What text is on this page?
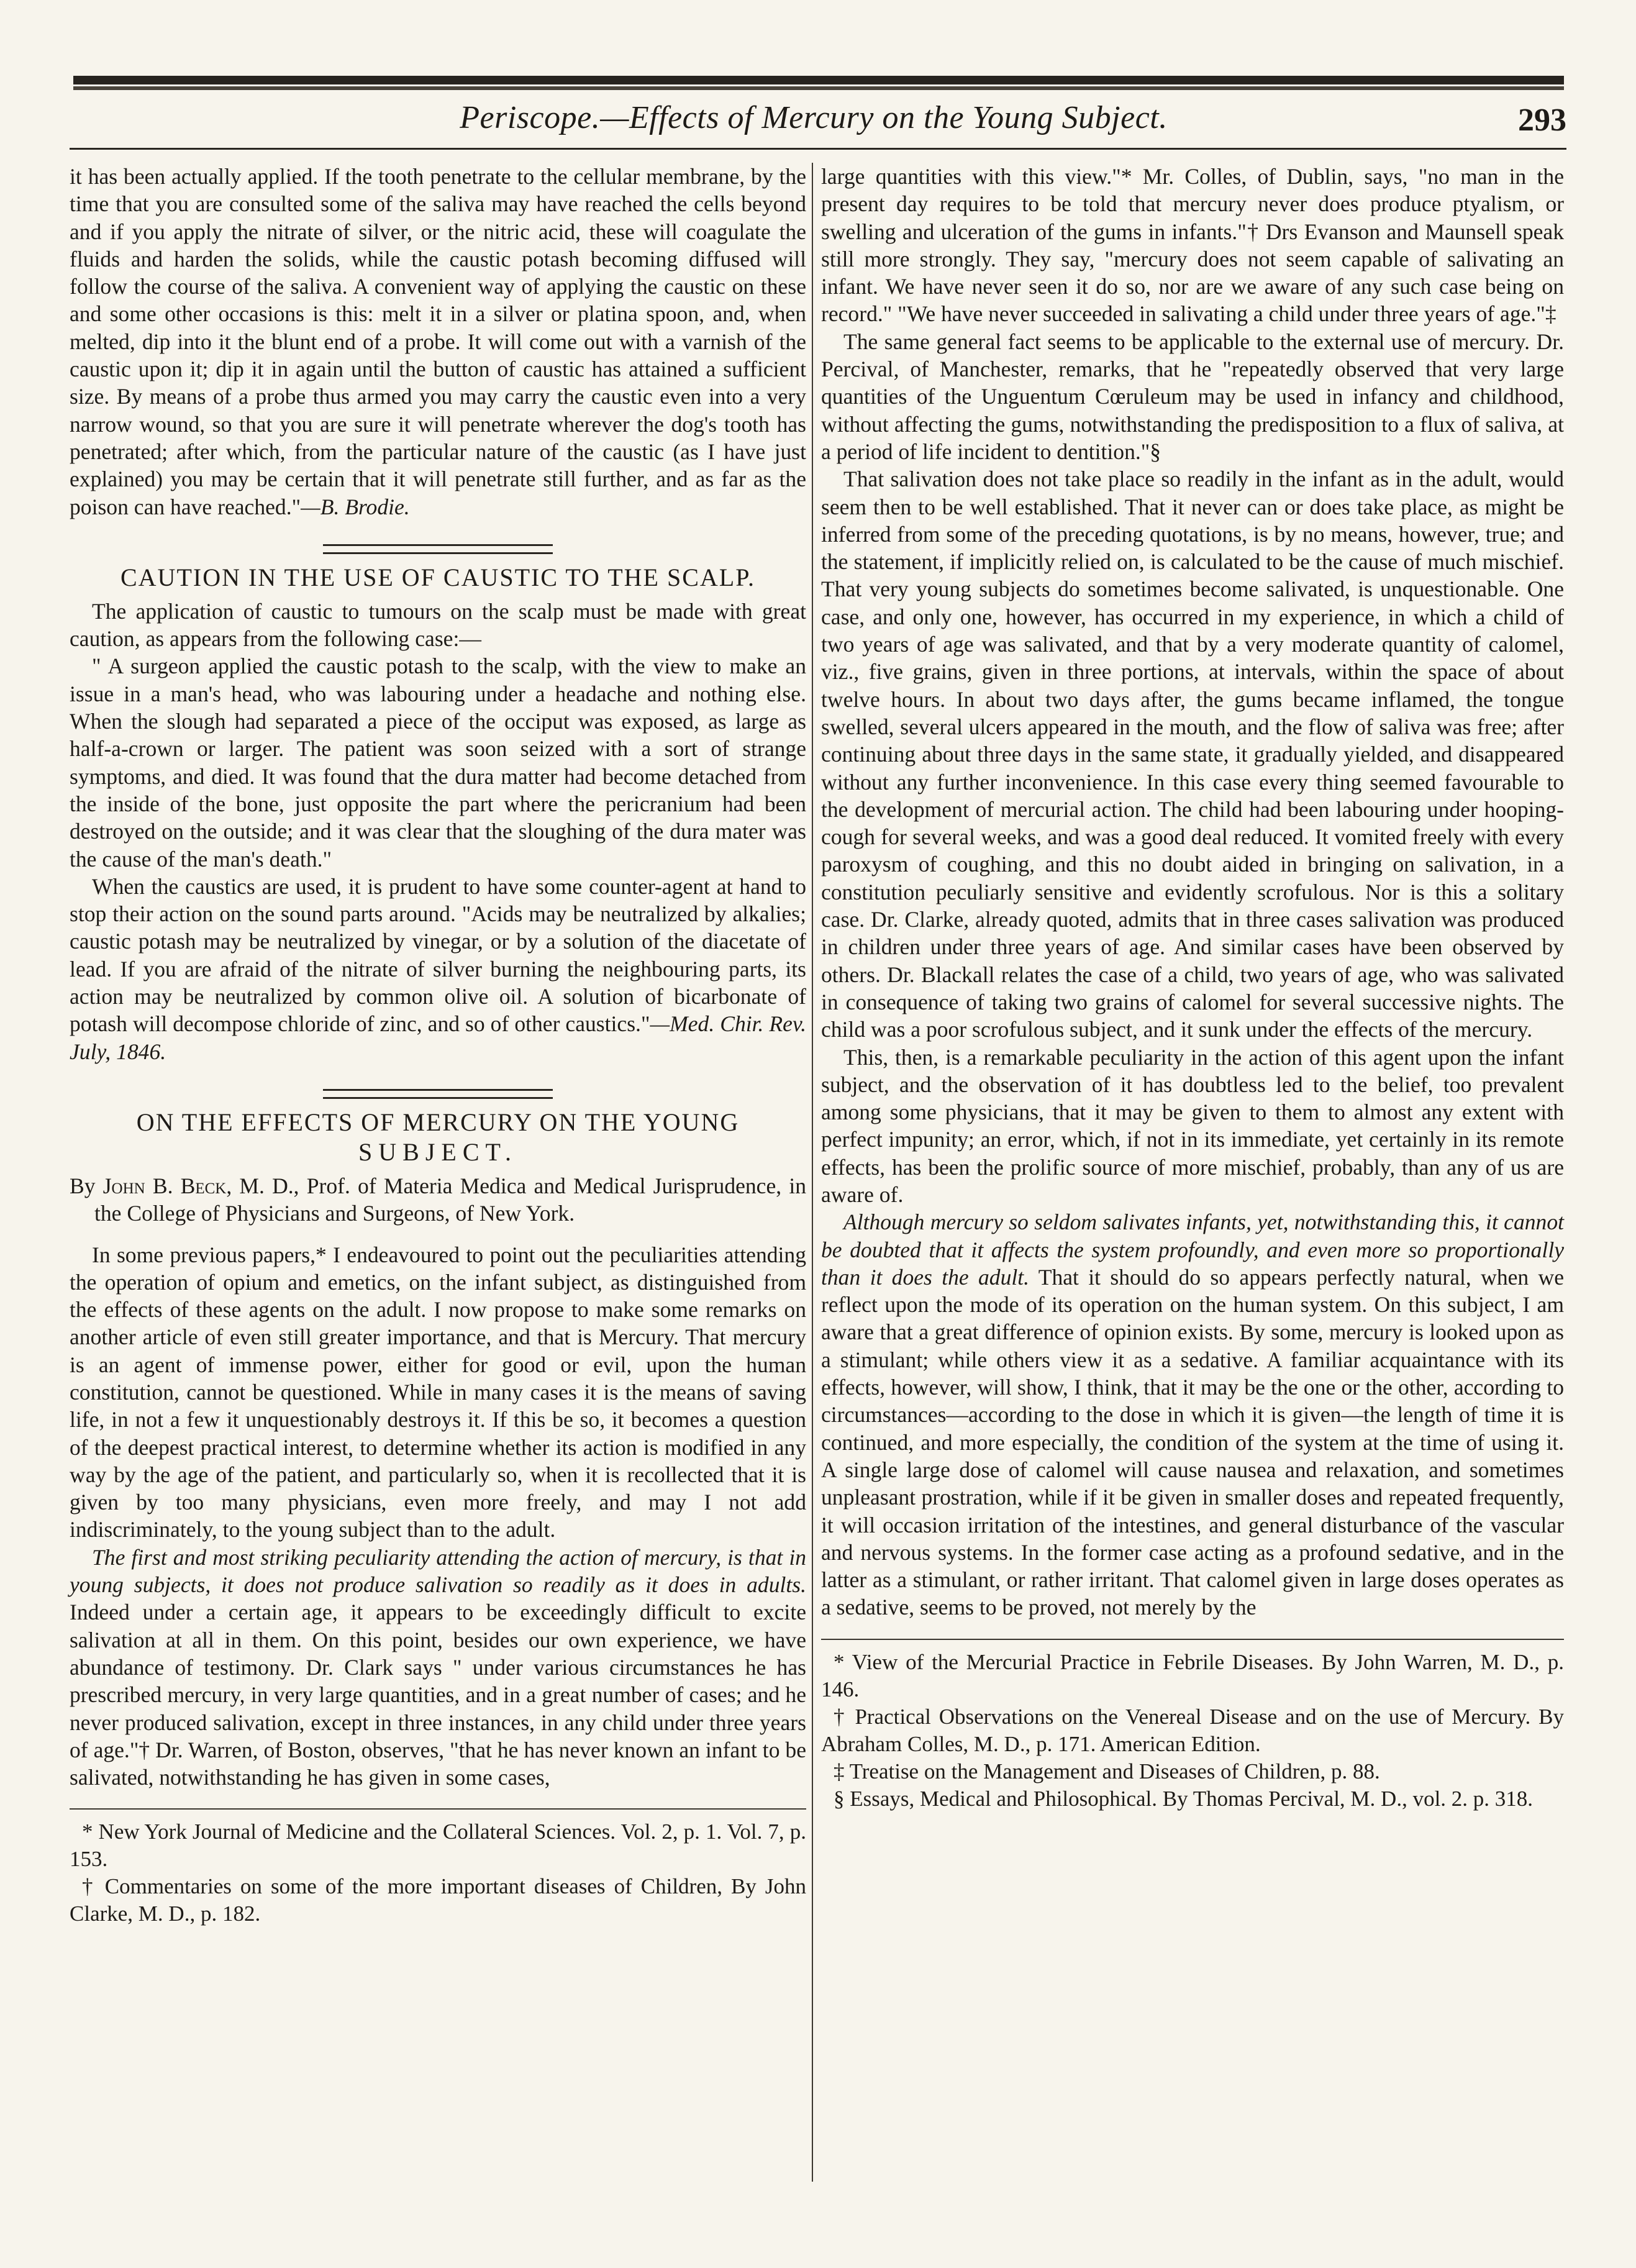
Periscope.—Effects of Mercury on the Young Subject.	293

it has been actually applied. If the tooth penetrate to the cellular membrane, by the time that you are consulted some of the saliva may have reached the cells beyond and if you apply the nitrate of silver, or the nitric acid, these will coagulate the fluids and harden the solids, while the caustic potash becoming diffused will follow the course of the saliva. A convenient way of applying the caustic on these and some other occasions is this: melt it in a silver or platina spoon, and, when melted, dip into it the blunt end of a probe. It will come out with a varnish of the caustic upon it; dip it in again until the button of caustic has attained a sufficient size. By means of a probe thus armed you may carry the caustic even into a very narrow wound, so that you are sure it will penetrate wherever the dog's tooth has penetrated; after which, from the particular nature of the caustic (as I have just explained) you may be certain that it will penetrate still further, and as far as the poison can have reached."—B. Brodie.

CAUTION IN THE USE OF CAUSTIC TO THE SCALP.

The application of caustic to tumours on the scalp must be made with great caution, as appears from the following case:—

" A surgeon applied the caustic potash to the scalp, with the view to make an issue in a man's head, who was labouring under a headache and nothing else. When the slough had separated a piece of the occiput was exposed, as large as half-a-crown or larger. The patient was soon seized with a sort of strange symptoms, and died. It was found that the dura matter had become detached from the inside of the bone, just opposite the part where the pericranium had been destroyed on the outside; and it was clear that the sloughing of the dura mater was the cause of the man's death."

When the caustics are used, it is prudent to have some counter-agent at hand to stop their action on the sound parts around. "Acids may be neutralized by alkalies; caustic potash may be neutralized by vinegar, or by a solution of the diacetate of lead. If you are afraid of the nitrate of silver burning the neighbouring parts, its action may be neutralized by common olive oil. A solution of bicarbonate of potash will decompose chloride of zinc, and so of other caustics."—Med. Chir. Rev. July, 1846.

ON THE EFFECTS OF MERCURY ON THE YOUNG
SUBJECT.

By John B. Beck, M. D., Prof. of Materia Medica and Medical Jurisprudence, in the College of Physicians and Surgeons, of New York.

In some previous papers,* I endeavoured to point out the peculiarities attending the operation of opium and emetics, on the infant subject, as distinguished from the effects of these agents on the adult. I now propose to make some remarks on another article of even still greater importance, and that is Mercury. That mercury is an agent of immense power, either for good or evil, upon the human constitution, cannot be questioned. While in many cases it is the means of saving life, in not a few it unquestionably destroys it. If this be so, it becomes a question of the deepest practical interest, to determine whether its action is modified in any way by the age of the patient, and particularly so, when it is recollected that it is given by too many physicians, even more freely, and may I not add indiscriminately, to the young subject than to the adult.

The first and most striking peculiarity attending the action of mercury, is that in young subjects, it does not produce salivation so readily as it does in adults. Indeed under a certain age, it appears to be exceedingly difficult to excite salivation at all in them. On this point, besides our own experience, we have abundance of testimony. Dr. Clark says " under various circumstances he has prescribed mercury, in very large quantities, and in a great number of cases; and he never produced salivation, except in three instances, in any child under three years of age."† Dr. Warren, of Boston, observes, "that he has never known an infant to be salivated, notwithstanding he has given in some cases,

* New York Journal of Medicine and the Collateral Sciences. Vol. 2, p. 1. Vol. 7, p. 153.

† Commentaries on some of the more important diseases of Children, By John Clarke, M. D., p. 182.

large quantities with this view."* Mr. Colles, of Dublin, says, "no man in the present day requires to be told that mercury never does produce ptyalism, or swelling and ulceration of the gums in infants."† Drs Evanson and Maunsell speak still more strongly. They say, "mercury does not seem capable of salivating an infant. We have never seen it do so, nor are we aware of any such case being on record." "We have never succeeded in salivating a child under three years of age."‡

The same general fact seems to be applicable to the external use of mercury. Dr. Percival, of Manchester, remarks, that he "repeatedly observed that very large quantities of the Unguentum Cœruleum may be used in infancy and childhood, without affecting the gums, notwithstanding the predisposition to a flux of saliva, at a period of life incident to dentition."§

That salivation does not take place so readily in the infant as in the adult, would seem then to be well established. That it never can or does take place, as might be inferred from some of the preceding quotations, is by no means, however, true; and the statement, if implicitly relied on, is calculated to be the cause of much mischief. That very young subjects do sometimes become salivated, is unquestionable. One case, and only one, however, has occurred in my experience, in which a child of two years of age was salivated, and that by a very moderate quantity of calomel, viz., five grains, given in three portions, at intervals, within the space of about twelve hours. In about two days after, the gums became inflamed, the tongue swelled, several ulcers appeared in the mouth, and the flow of saliva was free; after continuing about three days in the same state, it gradually yielded, and disappeared without any further inconvenience. In this case every thing seemed favourable to the development of mercurial action. The child had been labouring under hooping-cough for several weeks, and was a good deal reduced. It vomited freely with every paroxysm of coughing, and this no doubt aided in bringing on salivation, in a constitution peculiarly sensitive and evidently scrofulous. Nor is this a solitary case. Dr. Clarke, already quoted, admits that in three cases salivation was produced in children under three years of age. And similar cases have been observed by others. Dr. Blackall relates the case of a child, two years of age, who was salivated in consequence of taking two grains of calomel for several successive nights. The child was a poor scrofulous subject, and it sunk under the effects of the mercury.

This, then, is a remarkable peculiarity in the action of this agent upon the infant subject, and the observation of it has doubtless led to the belief, too prevalent among some physicians, that it may be given to them to almost any extent with perfect impunity; an error, which, if not in its immediate, yet certainly in its remote effects, has been the prolific source of more mischief, probably, than any of us are aware of.

Although mercury so seldom salivates infants, yet, notwithstanding this, it cannot be doubted that it affects the system profoundly, and even more so proportionally than it does the adult. That it should do so appears perfectly natural, when we reflect upon the mode of its operation on the human system. On this subject, I am aware that a great difference of opinion exists. By some, mercury is looked upon as a stimulant; while others view it as a sedative. A familiar acquaintance with its effects, however, will show, I think, that it may be the one or the other, according to circumstances—according to the dose in which it is given—the length of time it is continued, and more especially, the condition of the system at the time of using it. A single large dose of calomel will cause nausea and relaxation, and sometimes unpleasant prostration, while if it be given in smaller doses and repeated frequently, it will occasion irritation of the intestines, and general disturbance of the vascular and nervous systems. In the former case acting as a profound sedative, and in the latter as a stimulant, or rather irritant. That calomel given in large doses operates as a sedative, seems to be proved, not merely by the

* View of the Mercurial Practice in Febrile Diseases. By John Warren, M. D., p. 146.

† Practical Observations on the Venereal Disease and on the use of Mercury. By Abraham Colles, M. D., p. 171. American Edition.

‡ Treatise on the Management and Diseases of Children, p. 88.

§ Essays, Medical and Philosophical. By Thomas Percival, M. D., vol. 2. p. 318.
